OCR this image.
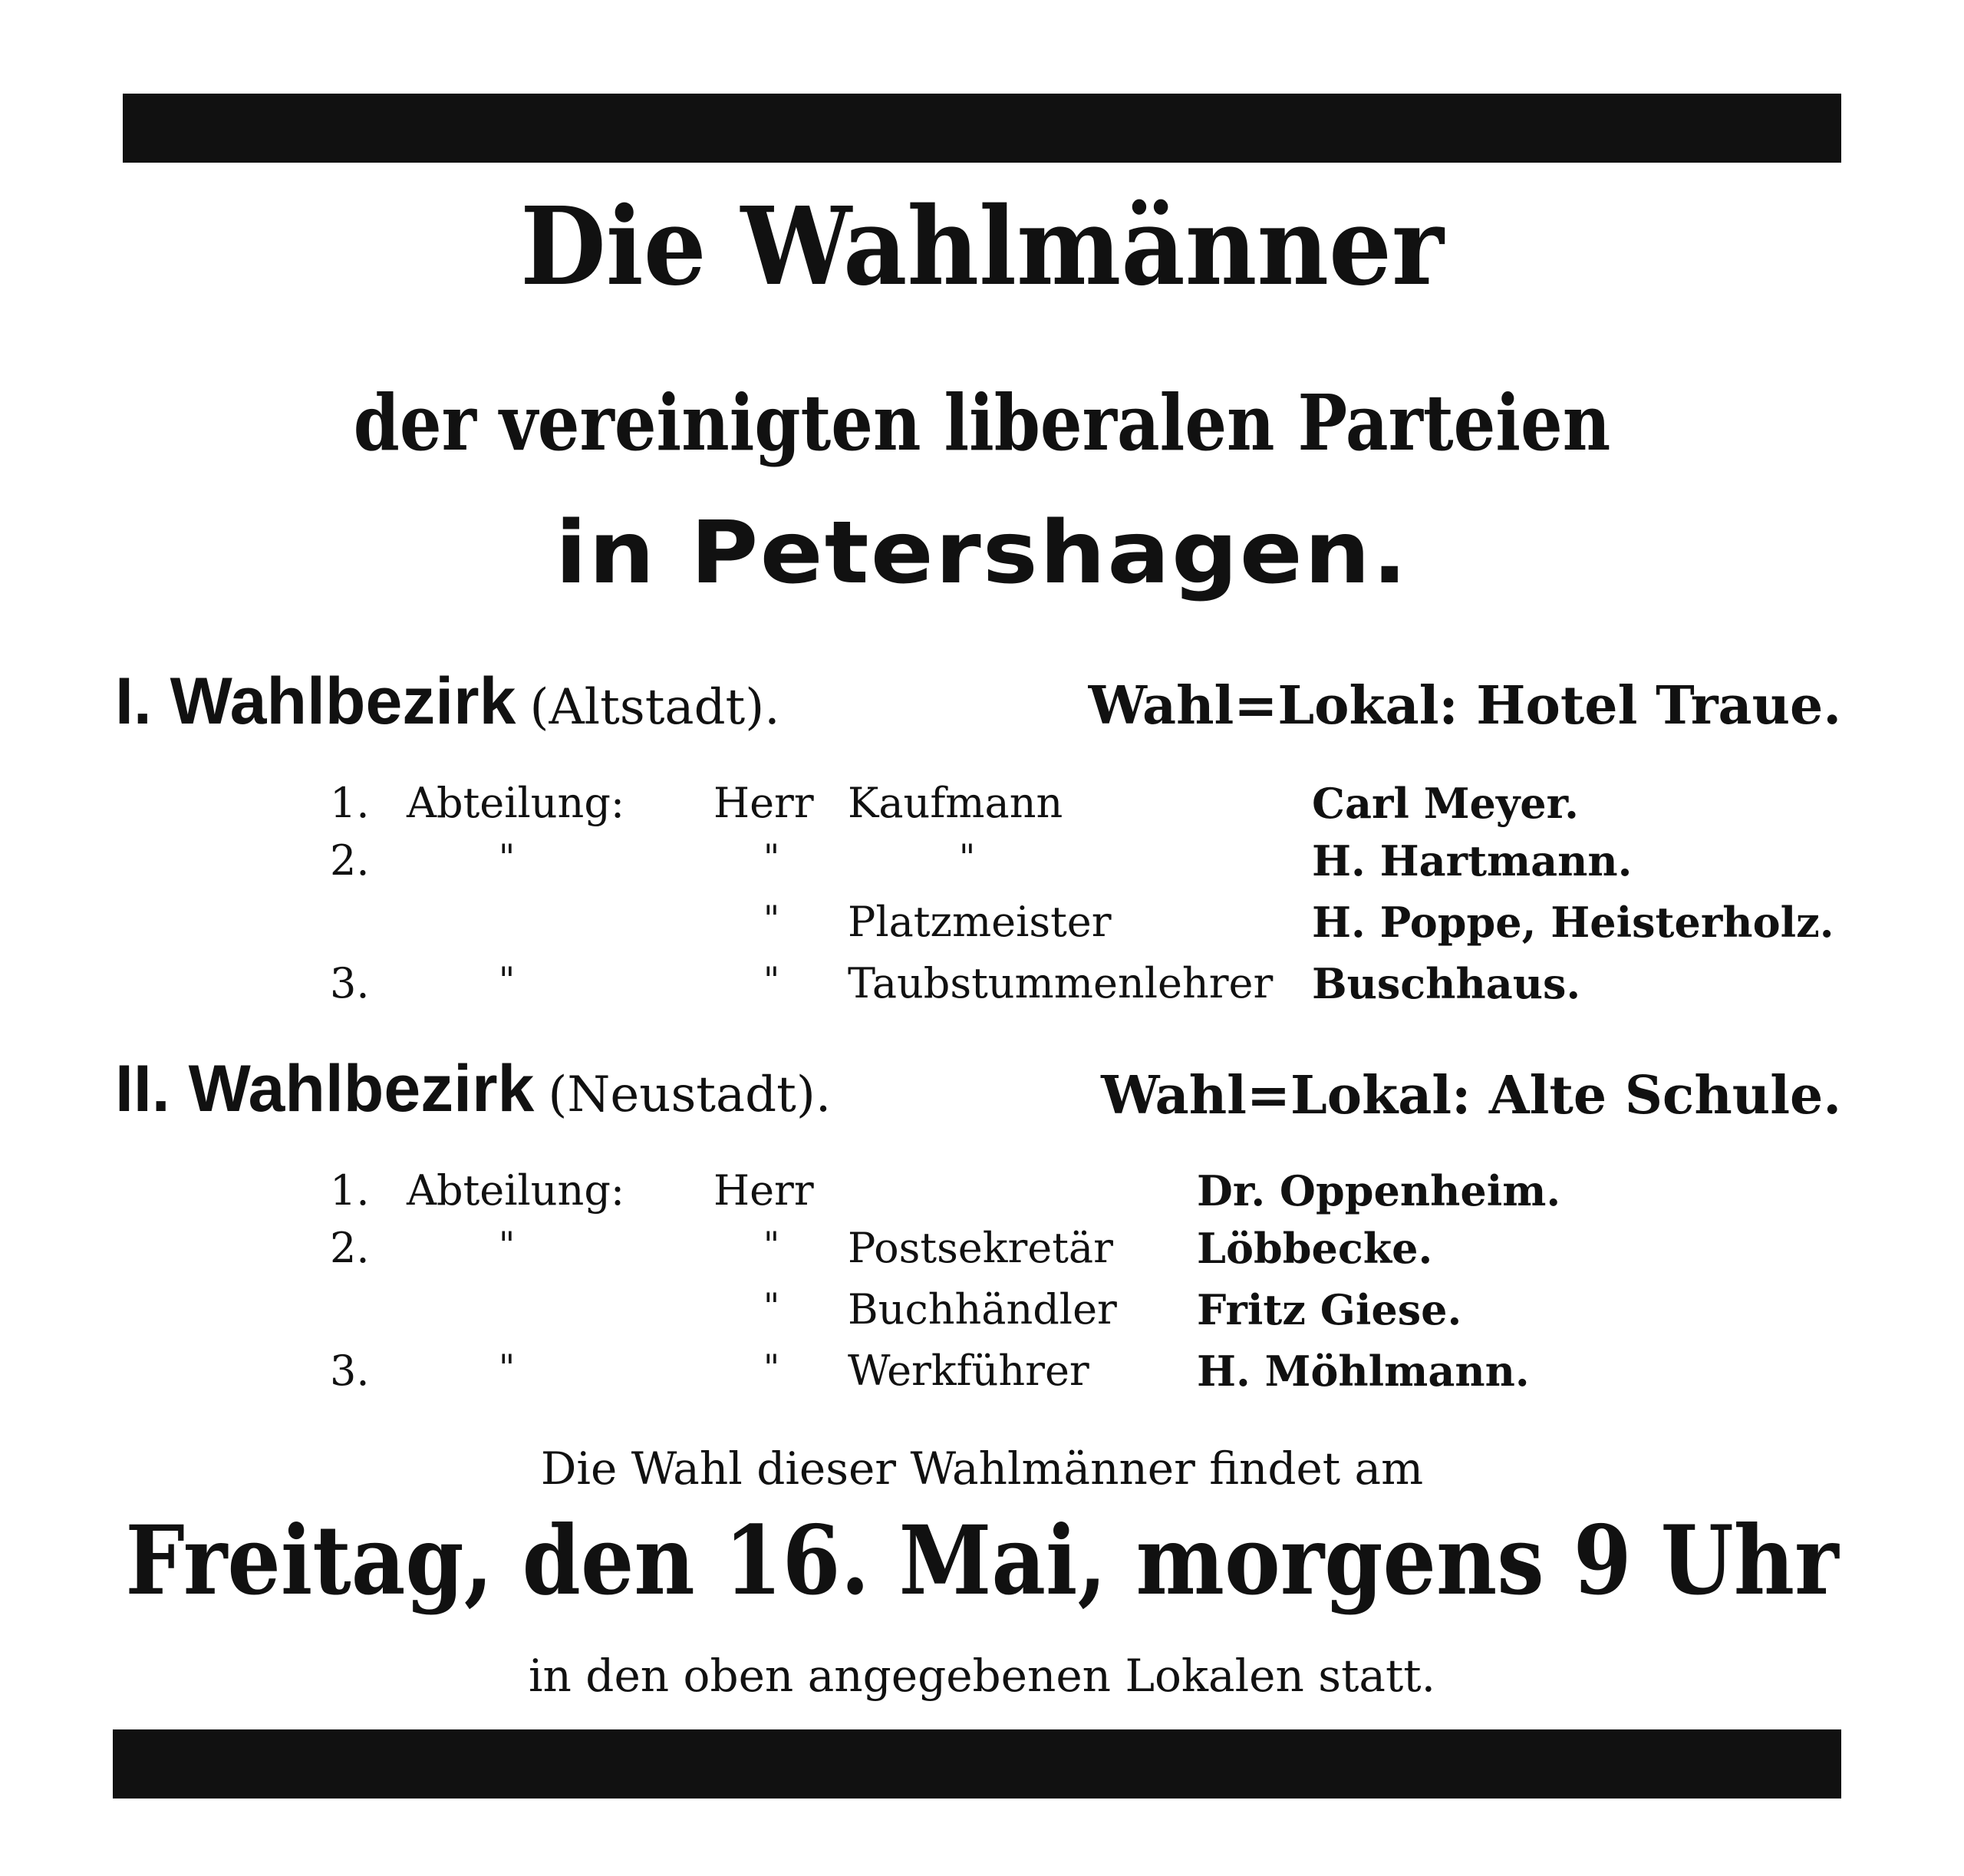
Die Wahlmänner
der vereinigten liberalen Parteien
in Petershagen.
I. Wahlbezirk (Altstadt).	Wahl=Lokal: Hotel Traue.
1. Abteilung: Herr Kaufmann	Carl Meyer.
2.	"	"	"	H. Hartmann.
" Platzmeister	H. Poppe, Heisterholz.
3.	"	" Taubstummenlehrer Buschhaus.
II. Wahlbezirk (Neustadt).	Wahl=Lokal: Alte Schule.
1. Abteilung: Herr	Dr. Oppenheim.
2.	"	" Postsekretär Löbbecke.
" Buchhändler Fritz Giese.
3.	"	" Werkführer	H. Möhlmann.
Die Wahl dieser Wahlmänner findet am
Freitag, den 16. Mai, morgens 9 Uhr
in den oben angegebenen Lokalen statt.
